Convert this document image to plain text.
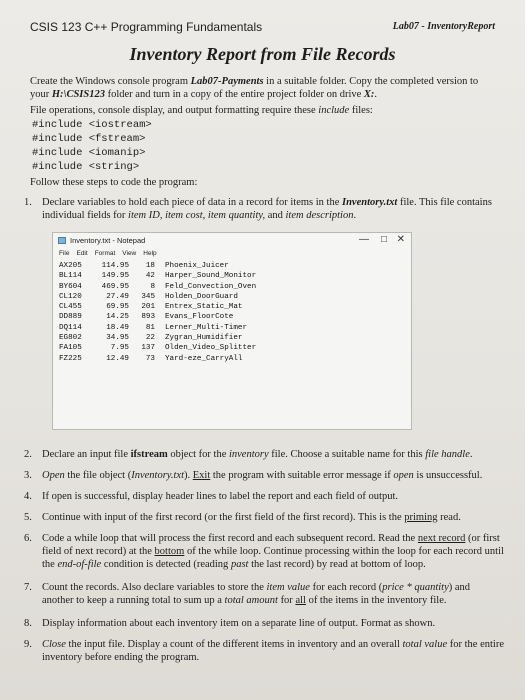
CSIS 123 C++ Programming Fundamentals	Lab07 - InventoryReport
Inventory Report from File Records
Create the Windows console program Lab07-Payments in a suitable folder. Copy the completed version to your H:\CSIS123 folder and turn in a copy of the entire project folder on drive X:.
File operations, console display, and output formatting require these include files:
#include <iostream>
#include <fstream>
#include <iomanip>
#include <string>
Follow these steps to code the program:
1. Declare variables to hold each piece of data in a record for items in the Inventory.txt file. This file contains individual fields for item ID, item cost, item quantity, and item description.
Inventory.txt - Notepad	— □ ✕
File Edit Format View Help
AX205	114.95	18 Phoenix_Juicer
BL114	149.95	42 Harper_Sound_Monitor
BY604	469.95	8 Feld_Convection_Oven
CL120	27.49	345 Holden_DoorGuard
CL455	69.95	201 Entrex_Static_Mat
DD889	14.25	893 Evans_FloorCote
DQ114	18.49	81 Lerner_Multi-Timer
EG802	34.95	22 Zygran_Humidifier
FA105	7.95	137 Olden_Video_Splitter
FZ225	12.49	73 Yard-eze_CarryAll
2. Declare an input file ifstream object for the inventory file. Choose a suitable name for this file handle.
3. Open the file object (Inventory.txt). Exit the program with suitable error message if open is unsuccessful.
4. If open is successful, display header lines to label the report and each field of output.
5. Continue with input of the first record (or the first field of the first record). This is the priming read.
6. Code a while loop that will process the first record and each subsequent record. Read the next record (or first field of next record) at the bottom of the while loop. Continue processing within the loop for each record until the end-of-file condition is detected (reading past the last record) by read at bottom of loop.
7. Count the records. Also declare variables to store the item value for each record (price * quantity) and another to keep a running total to sum up a total amount for all of the items in the inventory file.
8. Display information about each inventory item on a separate line of output. Format as shown.
9. Close the input file. Display a count of the different items in inventory and an overall total value for the entire inventory before ending the program.
